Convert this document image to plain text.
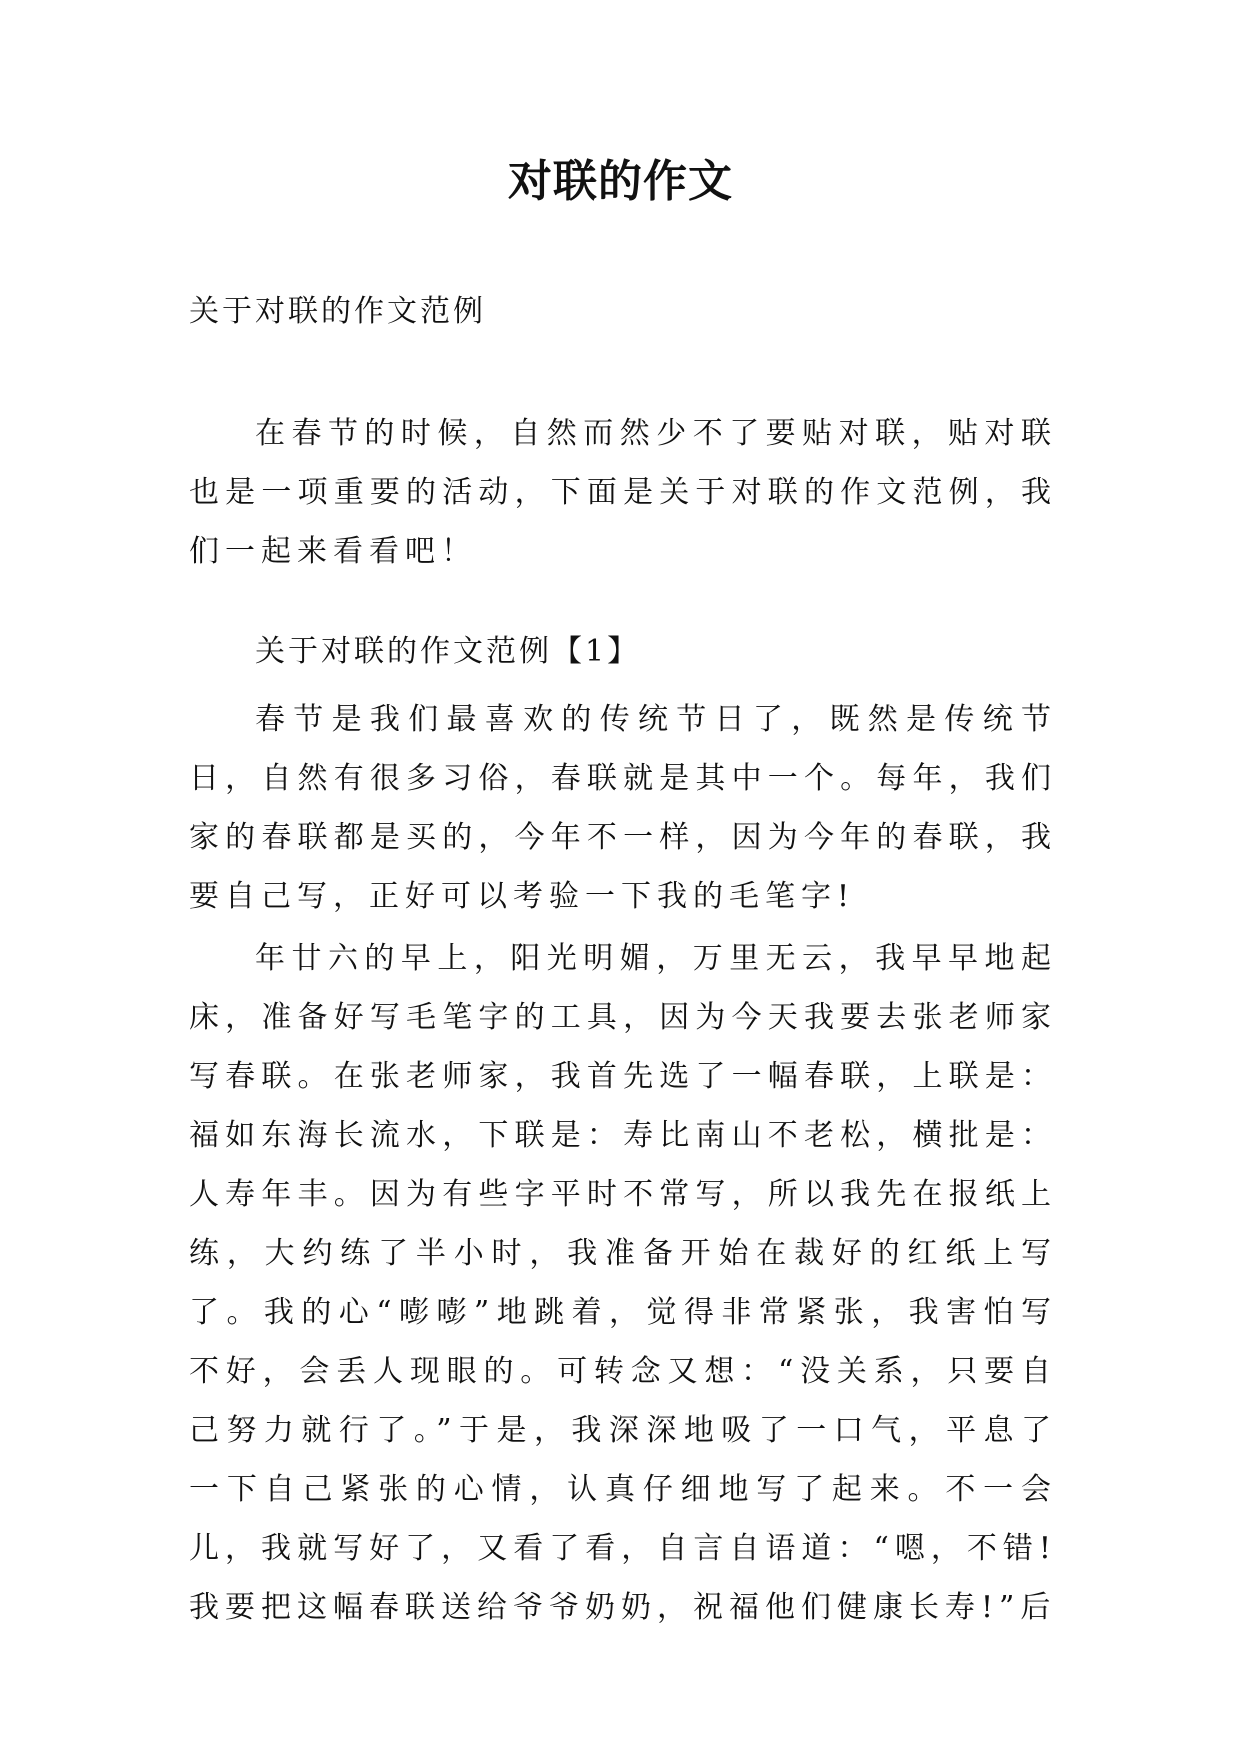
对联的作文
关于对联的作文范例

在春节的时候，自然而然少不了要贴对联，贴对联也是一项重要的活动，下面是关于对联的作文范例，我们一起来看看吧！

关于对联的作文范例【1】

春节是我们最喜欢的传统节日了，既然是传统节日，自然有很多习俗，春联就是其中一个。每年，我们家的春联都是买的，今年不一样，因为今年的春联，我要自己写，正好可以考验一下我的毛笔字!

年廿六的早上，阳光明媚，万里无云，我早早地起床，准备好写毛笔字的工具，因为今天我要去张老师家写春联。在张老师家，我首先选了一幅春联，上联是：福如东海长流水，下联是：寿比南山不老松，横批是：人寿年丰。因为有些字平时不常写，所以我先在报纸上练，大约练了半小时，我准备开始在裁好的红纸上写了。我的心“嘭嘭”地跳着，觉得非常紧张，我害怕写不好，会丢人现眼的。可转念又想：“没关系，只要自己努力就行了。”于是，我深深地吸了一口气，平息了一下自己紧张的心情，认真仔细地写了起来。不一会儿，我就写好了，又看了看，自言自语道：“嗯，不错!我要把这幅春联送给爷爷奶奶，祝福他们健康长寿!”后
